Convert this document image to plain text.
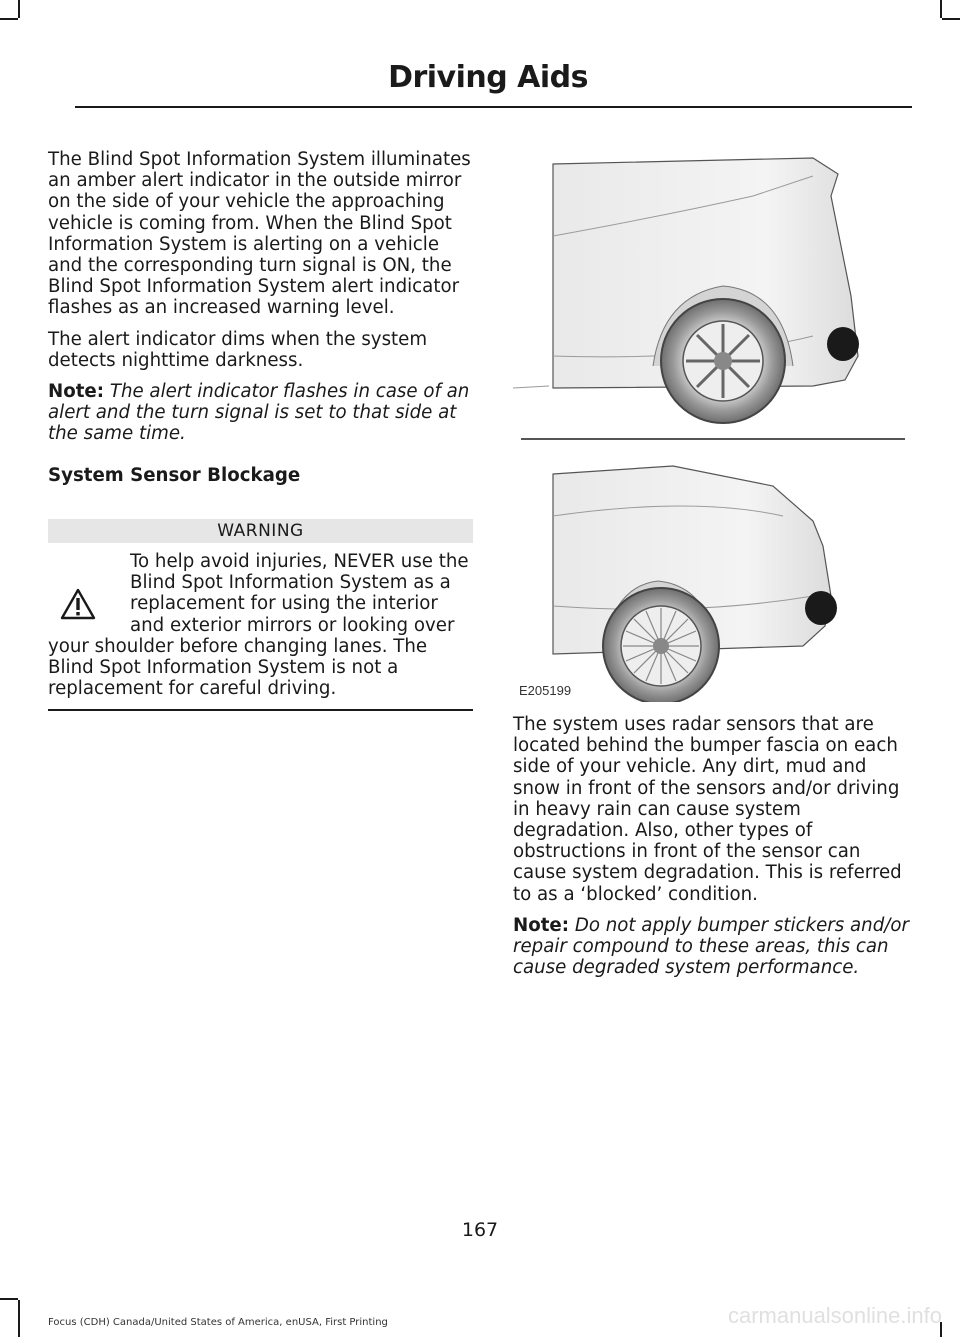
Driving Aids

The Blind Spot Information System illuminates an amber alert indicator in the outside mirror on the side of your vehicle the approaching vehicle is coming from. When the Blind Spot Information System is alerting on a vehicle and the corresponding turn signal is ON, the Blind Spot Information System alert indicator flashes as an increased warning level.

The alert indicator dims when the system detects nighttime darkness.

Note: The alert indicator flashes in case of an alert and the turn signal is set to that side at the same time.

System Sensor Blockage

WARNING
To help avoid injuries, NEVER use the Blind Spot Information System as a replacement for using the interior and exterior mirrors or looking over your shoulder before changing lanes. The Blind Spot Information System is not a replacement for careful driving.	E205199

The system uses radar sensors that are located behind the bumper fascia on each side of your vehicle. Any dirt, mud and snow in front of the sensors and/or driving in heavy rain can cause system degradation. Also, other types of obstructions in front of the sensor can cause system degradation. This is referred to as a ‘blocked’ condition.

Note: Do not apply bumper stickers and/or repair compound to these areas, this can cause degraded system performance.

167
Focus (CDH) Canada/United States of America, enUSA, First Printing	carmanualsonline.info
